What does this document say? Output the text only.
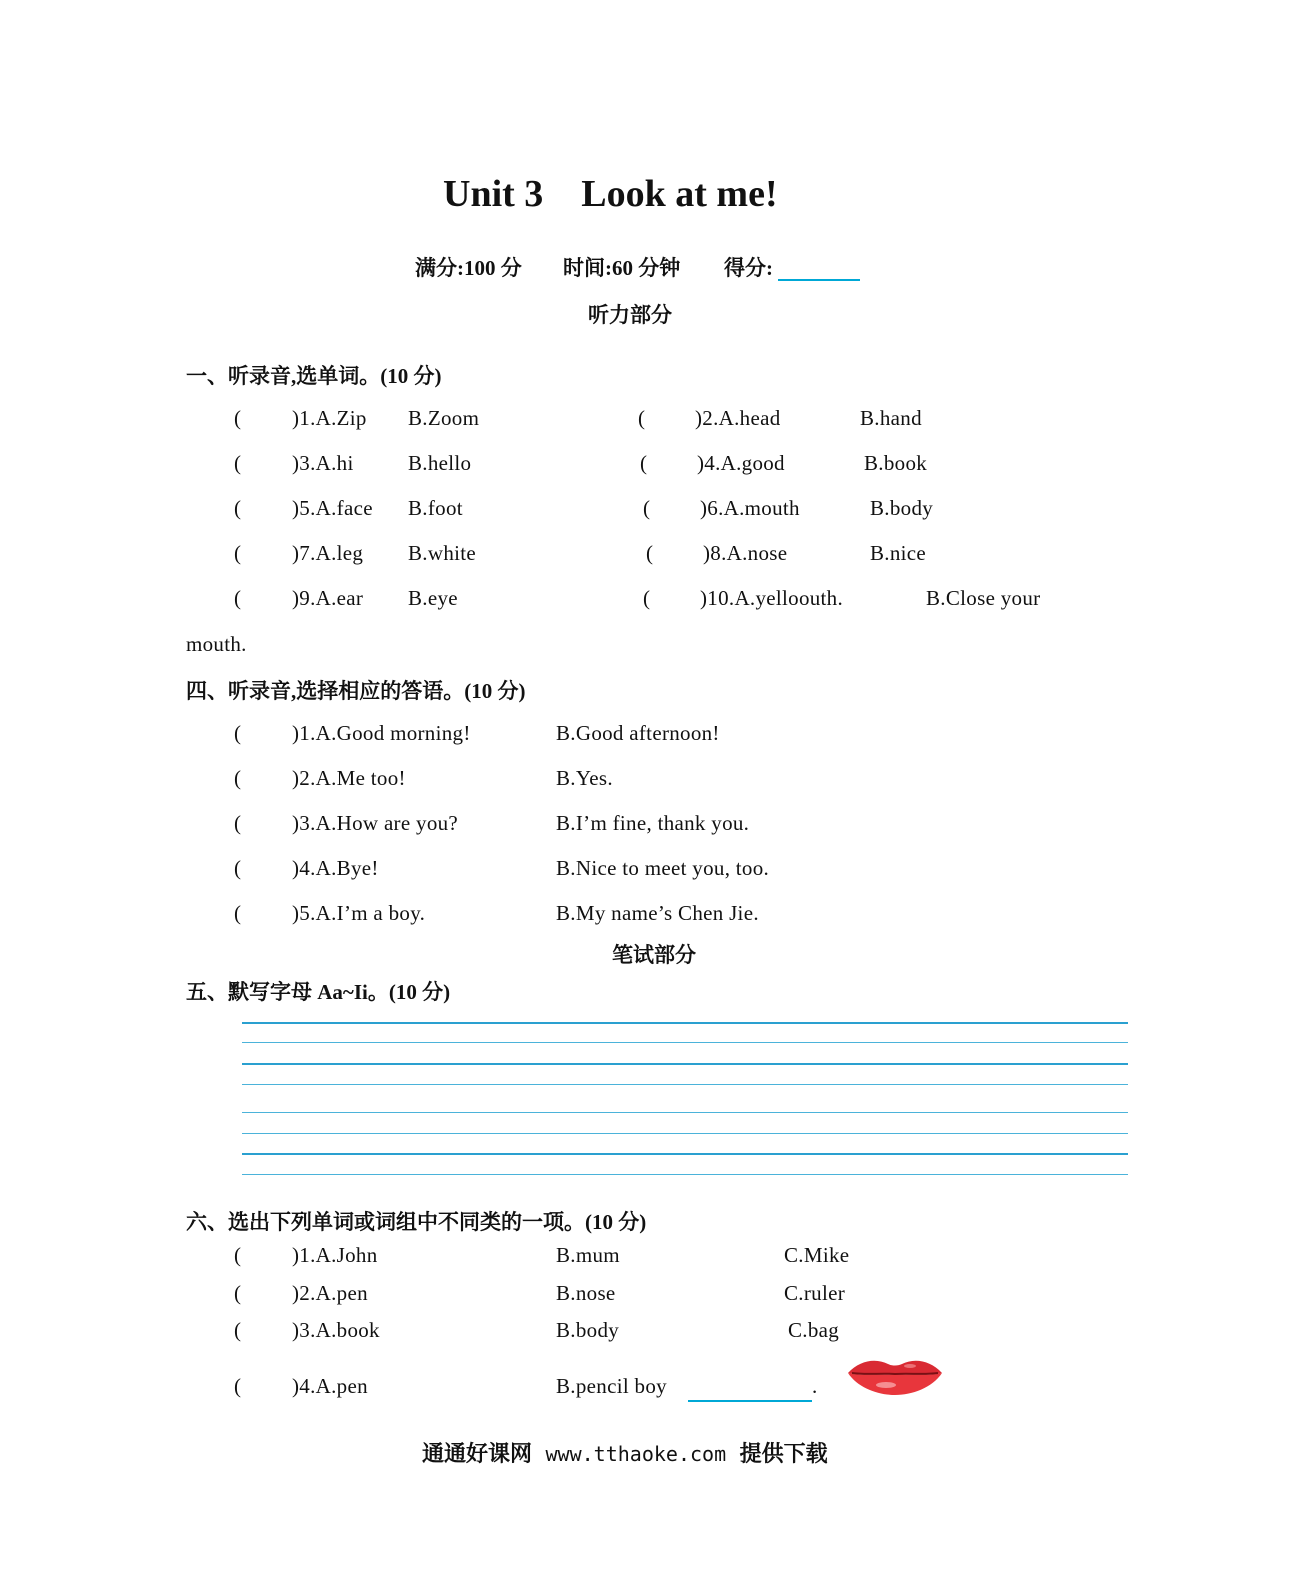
Unit 3    Look at me!
满分:100 分 时间:60 分钟 得分:
听力部分
一、听录音,选单词。(10 分)
( )1.A.Zip B.Zoom	( )2.A.head	B.hand
( )3.A.hi	B.hello	( )4.A.good	B.book
( )5.A.face B.foot	( )6.A.mouth	B.body
( )7.A.leg B.white	( )8.A.nose	B.nice
( )9.A.ear B.eye	( )10.A.yelloouth.	B.Close your
mouth.
四、听录音,选择相应的答语。(10 分)
( )1.A.Good morning!	B.Good afternoon!
( )2.A.Me too!	B.Yes.
( )3.A.How are you?	B.I’m fine, thank you.
( )4.A.Bye!	B.Nice to meet you, too.
( )5.A.I’m a boy.	B.My name’s Chen Jie.
笔试部分
五、默写字母 Aa~Ii。(10 分)
六、选出下列单词或词组中不同类的一项。(10 分)
( )1.A.John	B.mum	C.Mike
( )2.A.pen	B.nose	C.ruler
( )3.A.book	B.body	C.bag
( )4.A.pen	B.pencil boy	.
通通好课网 www.tthaoke.com 提供下载
